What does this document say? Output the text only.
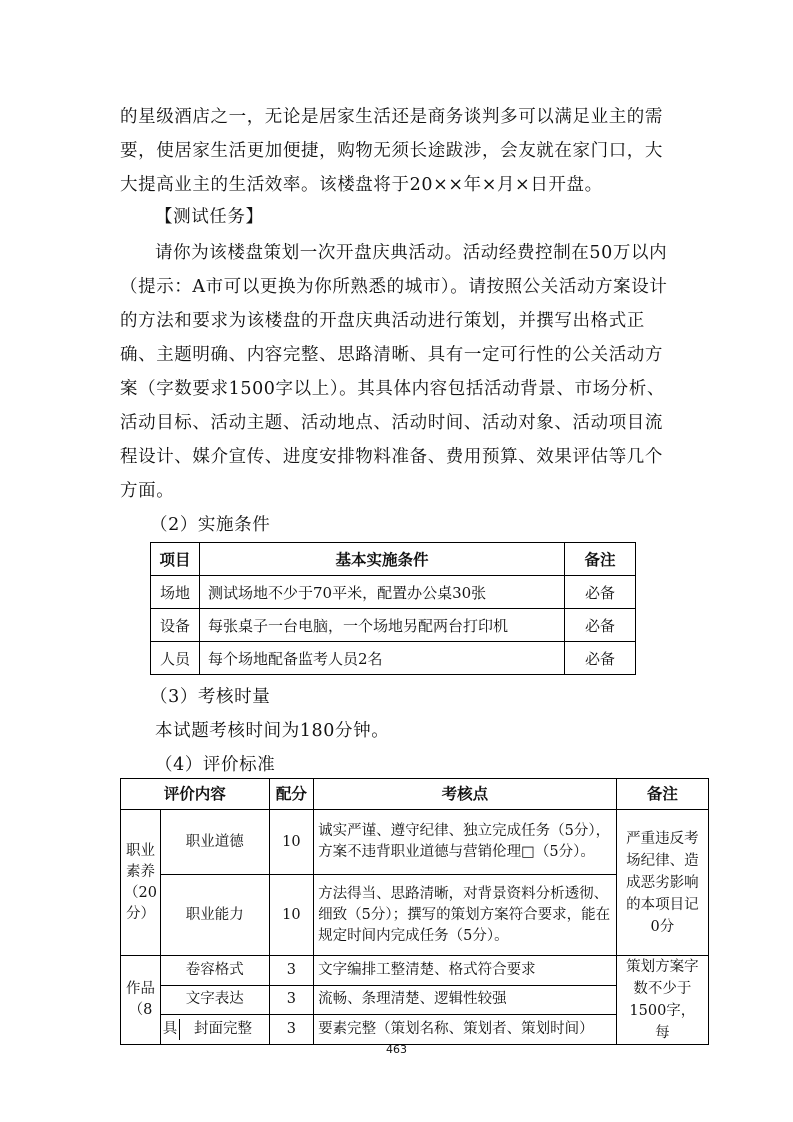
的星级酒店之一，无论是居家生活还是商务谈判多可以满足业主的需要，使居家生活更加便捷，购物无须长途跋涉，会友就在家门口，大大提高业主的生活效率。该楼盘将于20××年×月×日开盘。
【测试任务】
请你为该楼盘策划一次开盘庆典活动。活动经费控制在50万以内（提示：A市可以更换为你所熟悉的城市）。请按照公关活动方案设计的方法和要求为该楼盘的开盘庆典活动进行策划，并撰写出格式正确、主题明确、内容完整、思路清晰、具有一定可行性的公关活动方案（字数要求1500字以上）。其具体内容包括活动背景、市场分析、活动目标、活动主题、活动地点、活动时间、活动对象、活动项目流程设计、媒介宣传、进度安排物料准备、费用预算、效果评估等几个方面。
（2）实施条件
项目	基本实施条件	备注
场地	测试场地不少于70平米，配置办公桌30张	必备
设备	每张桌子一台电脑，一个场地另配两台打印机	必备
人员	每个场地配备监考人员2名	必备
（3）考核时量
本试题考核时间为180分钟。
（4）评价标准
评价内容		配分	考核点	备注
职业素养（20分）	职业道德	10	诚实严谨、遵守纪律、独立完成任务（5分），方案不违背职业道德与营销伦理□（5分）。	严重违反考场纪律、造成恶劣影响的本项目记0分
	职业能力	10	方法得当、思路清晰，对背景资料分析透彻、细致（5分）；撰写的策划方案符合要求，能在规定时间内完成任务（5分）。	
作品（8	卷容格式	3	文字编排工整清楚、格式符合要求	策划方案字数不少于1500字，每
	文字表达	3	流畅、条理清楚、逻辑性较强	
	具 封面完整	3	要素完整（策划名称、策划者、策划时间）	
463
